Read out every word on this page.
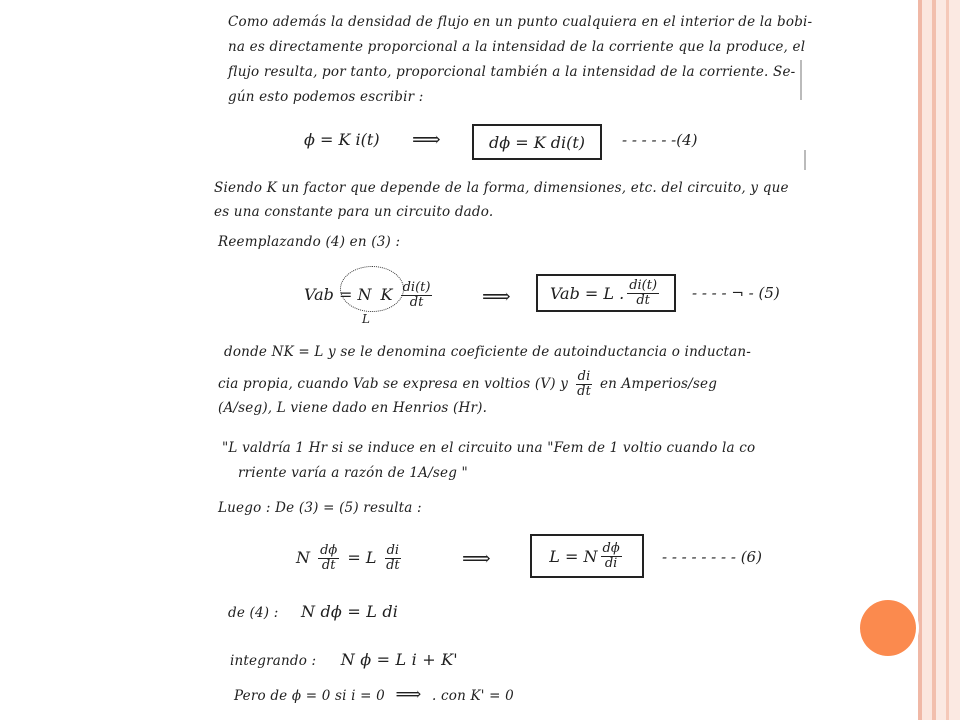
Como además la densidad de flujo en un punto cualquiera en el interior de la bobi-
na es directamente proporcional a la intensidad de la corriente que la produce, el
flujo resulta, por tanto, proporcional también a la intensidad de la corriente. Se-
gún esto podemos escribir :
ϕ = K i(t) ⟹	dϕ = K di(t)	- - - - - -(4)
Siendo K un factor que depende de la forma, dimensiones, etc. del circuito, y que
es una constante para un circuito dado.
Reemplazando (4) en (3) :
Vab = N K $\frac{di(t)}{dt}$
L
⟹ Vab = L . $\frac{di(t)}{dt}$ - - - - ¬ - (5)
donde NK = L y se le denomina coeficiente de autoinductancia o inductan-
cia propia, cuando Vab se expresa en voltios (V) y $\frac{di}{dt}$ en Amperios/seg
(A/seg), L viene dado en Henrios (Hr).
"L valdría 1 Hr si se induce en el circuito una "Fem de 1 voltio cuando la co
rriente varía a razón de 1A/seg "
Luego : De (3) = (5) resulta :
N $\frac{d\phi}{dt} = L \frac{di}{dt}$	⟹	L = N $\frac{d\phi}{di}$	- - - - - - - - (6)
de (4) : N dϕ = L di
integrando : N ϕ = L i + K'
Pero de ϕ = 0 si i = 0 ⟹ . con K' = 0
